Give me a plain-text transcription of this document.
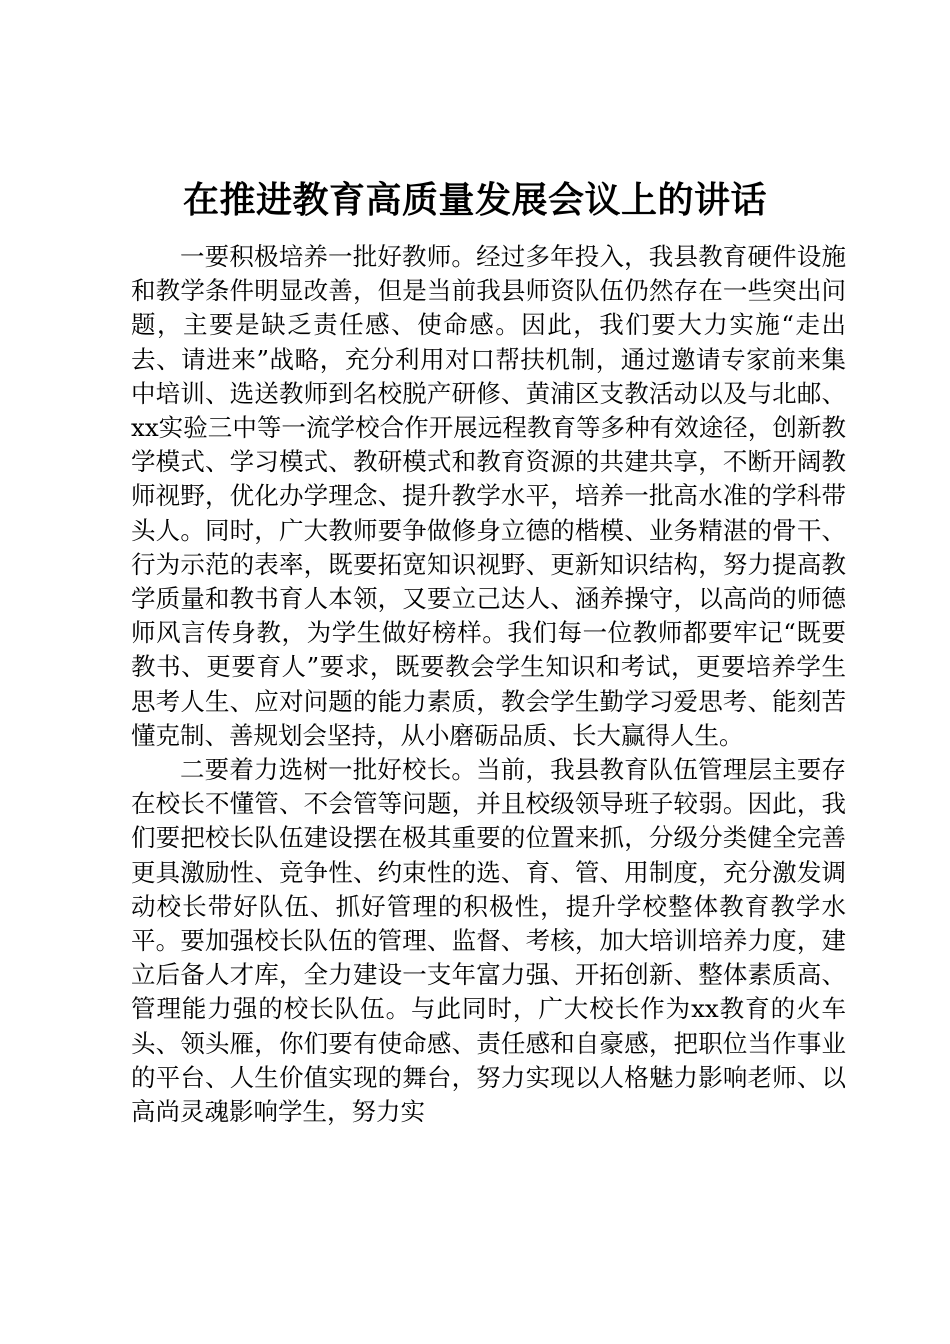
在推进教育高质量发展会议上的讲话

一要积极培养一批好教师。经过多年投入，我县教育硬件设施和教学条件明显改善，但是当前我县师资队伍仍然存在一些突出问题，主要是缺乏责任感、使命感。因此，我们要大力实施“走出去、请进来”战略，充分利用对口帮扶机制，通过邀请专家前来集中培训、选送教师到名校脱产研修、黄浦区支教活动以及与北邮、xx实验三中等一流学校合作开展远程教育等多种有效途径，创新教学模式、学习模式、教研模式和教育资源的共建共享，不断开阔教师视野，优化办学理念、提升教学水平，培养一批高水准的学科带头人。同时，广大教师要争做修身立德的楷模、业务精湛的骨干、行为示范的表率，既要拓宽知识视野、更新知识结构，努力提高教学质量和教书育人本领，又要立己达人、涵养操守，以高尚的师德师风言传身教，为学生做好榜样。我们每一位教师都要牢记“既要教书、更要育人”要求，既要教会学生知识和考试，更要培养学生思考人生、应对问题的能力素质，教会学生勤学习爱思考、能刻苦懂克制、善规划会坚持，从小磨砺品质、长大赢得人生。

二要着力选树一批好校长。当前，我县教育队伍管理层主要存在校长不懂管、不会管等问题，并且校级领导班子较弱。因此，我们要把校长队伍建设摆在极其重要的位置来抓，分级分类健全完善更具激励性、竞争性、约束性的选、育、管、用制度，充分激发调动校长带好队伍、抓好管理的积极性，提升学校整体教育教学水平。要加强校长队伍的管理、监督、考核，加大培训培养力度，建立后备人才库，全力建设一支年富力强、开拓创新、整体素质高、管理能力强的校长队伍。与此同时，广大校长作为xx教育的火车头、领头雁，你们要有使命感、责任感和自豪感，把职位当作事业的平台、人生价值实现的舞台，努力实现以人格魅力影响老师、以高尚灵魂影响学生，努力实
